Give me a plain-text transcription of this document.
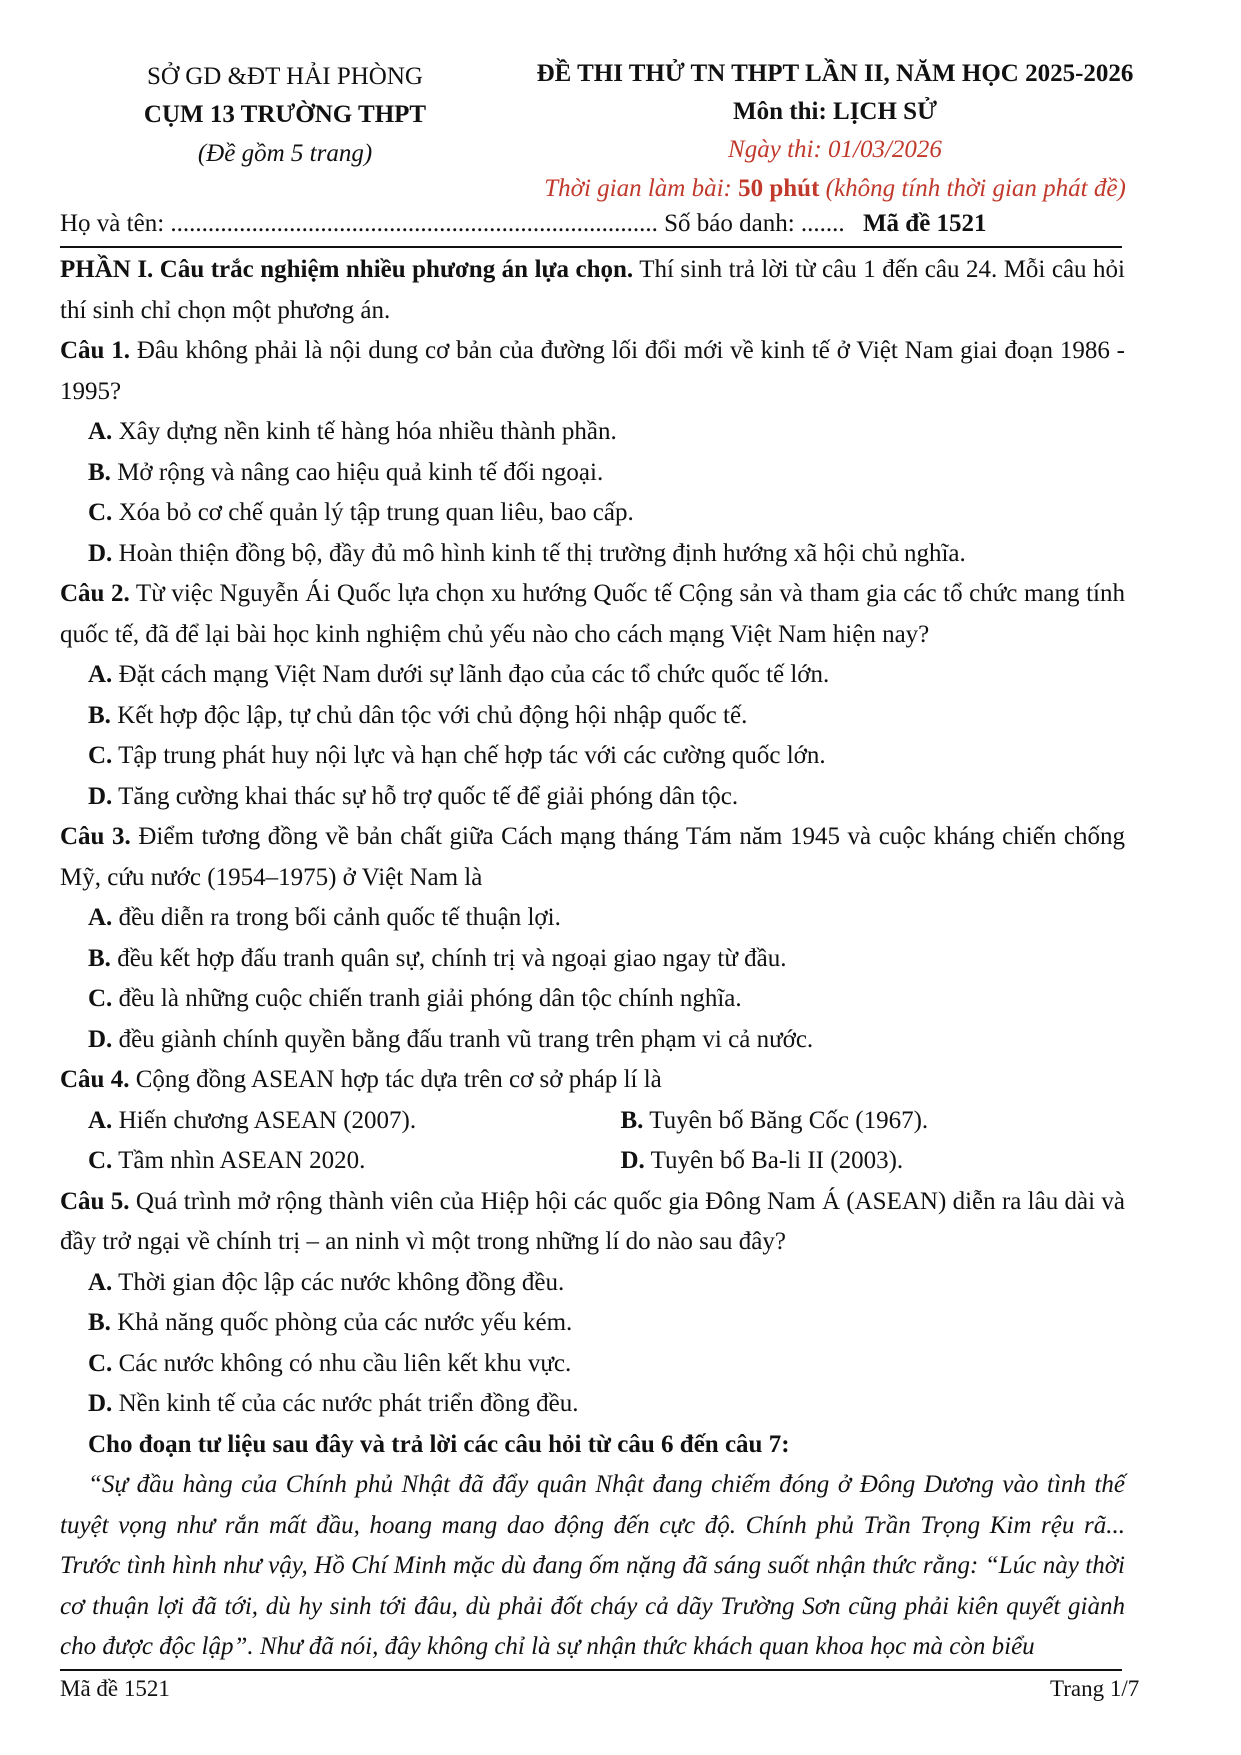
SỞ GD &ĐT HẢI PHÒNG
CỤM 13 TRƯỜNG THPT
(Đề gồm 5 trang)
ĐỀ THI THỬ TN THPT LẦN II, NĂM HỌC 2025-2026
Môn thi: LỊCH SỬ
Ngày thi: 01/03/2026
Thời gian làm bài: 50 phút (không tính thời gian phát đề)
Họ và tên: .............................................................................. Số báo danh: ....... Mã đề 1521

PHẦN I. Câu trắc nghiệm nhiều phương án lựa chọn. Thí sinh trả lời từ câu 1 đến câu 24. Mỗi câu hỏi thí sinh chỉ chọn một phương án.

Câu 1. Đâu không phải là nội dung cơ bản của đường lối đổi mới về kinh tế ở Việt Nam giai đoạn 1986 - 1995?

A. Xây dựng nền kinh tế hàng hóa nhiều thành phần.
B. Mở rộng và nâng cao hiệu quả kinh tế đối ngoại.
C. Xóa bỏ cơ chế quản lý tập trung quan liêu, bao cấp.
D. Hoàn thiện đồng bộ, đầy đủ mô hình kinh tế thị trường định hướng xã hội chủ nghĩa.

Câu 2. Từ việc Nguyễn Ái Quốc lựa chọn xu hướng Quốc tế Cộng sản và tham gia các tổ chức mang tính quốc tế, đã để lại bài học kinh nghiệm chủ yếu nào cho cách mạng Việt Nam hiện nay?

A. Đặt cách mạng Việt Nam dưới sự lãnh đạo của các tổ chức quốc tế lớn.
B. Kết hợp độc lập, tự chủ dân tộc với chủ động hội nhập quốc tế.
C. Tập trung phát huy nội lực và hạn chế hợp tác với các cường quốc lớn.
D. Tăng cường khai thác sự hỗ trợ quốc tế để giải phóng dân tộc.

Câu 3. Điểm tương đồng về bản chất giữa Cách mạng tháng Tám năm 1945 và cuộc kháng chiến chống Mỹ, cứu nước (1954–1975) ở Việt Nam là

A. đều diễn ra trong bối cảnh quốc tế thuận lợi.
B. đều kết hợp đấu tranh quân sự, chính trị và ngoại giao ngay từ đầu.
C. đều là những cuộc chiến tranh giải phóng dân tộc chính nghĩa.
D. đều giành chính quyền bằng đấu tranh vũ trang trên phạm vi cả nước.

Câu 4. Cộng đồng ASEAN hợp tác dựa trên cơ sở pháp lí là

A. Hiến chương ASEAN (2007).	B. Tuyên bố Băng Cốc (1967).
C. Tầm nhìn ASEAN 2020.	D. Tuyên bố Ba-li II (2003).

Câu 5. Quá trình mở rộng thành viên của Hiệp hội các quốc gia Đông Nam Á (ASEAN) diễn ra lâu dài và đầy trở ngại về chính trị – an ninh vì một trong những lí do nào sau đây?

A. Thời gian độc lập các nước không đồng đều.
B. Khả năng quốc phòng của các nước yếu kém.
C. Các nước không có nhu cầu liên kết khu vực.
D. Nền kinh tế của các nước phát triển đồng đều.
Cho đoạn tư liệu sau đây và trả lời các câu hỏi từ câu 6 đến câu 7:

“Sự đầu hàng của Chính phủ Nhật đã đẩy quân Nhật đang chiếm đóng ở Đông Dương vào tình thế tuyệt vọng như rắn mất đầu, hoang mang dao động đến cực độ. Chính phủ Trần Trọng Kim rệu rã... Trước tình hình như vậy, Hồ Chí Minh mặc dù đang ốm nặng đã sáng suốt nhận thức rằng: “Lúc này thời cơ thuận lợi đã tới, dù hy sinh tới đâu, dù phải đốt cháy cả dãy Trường Sơn cũng phải kiên quyết giành cho được độc lập”. Như đã nói, đây không chỉ là sự nhận thức khách quan khoa học mà còn biểu

Mã đề 1521	Trang 1/7
